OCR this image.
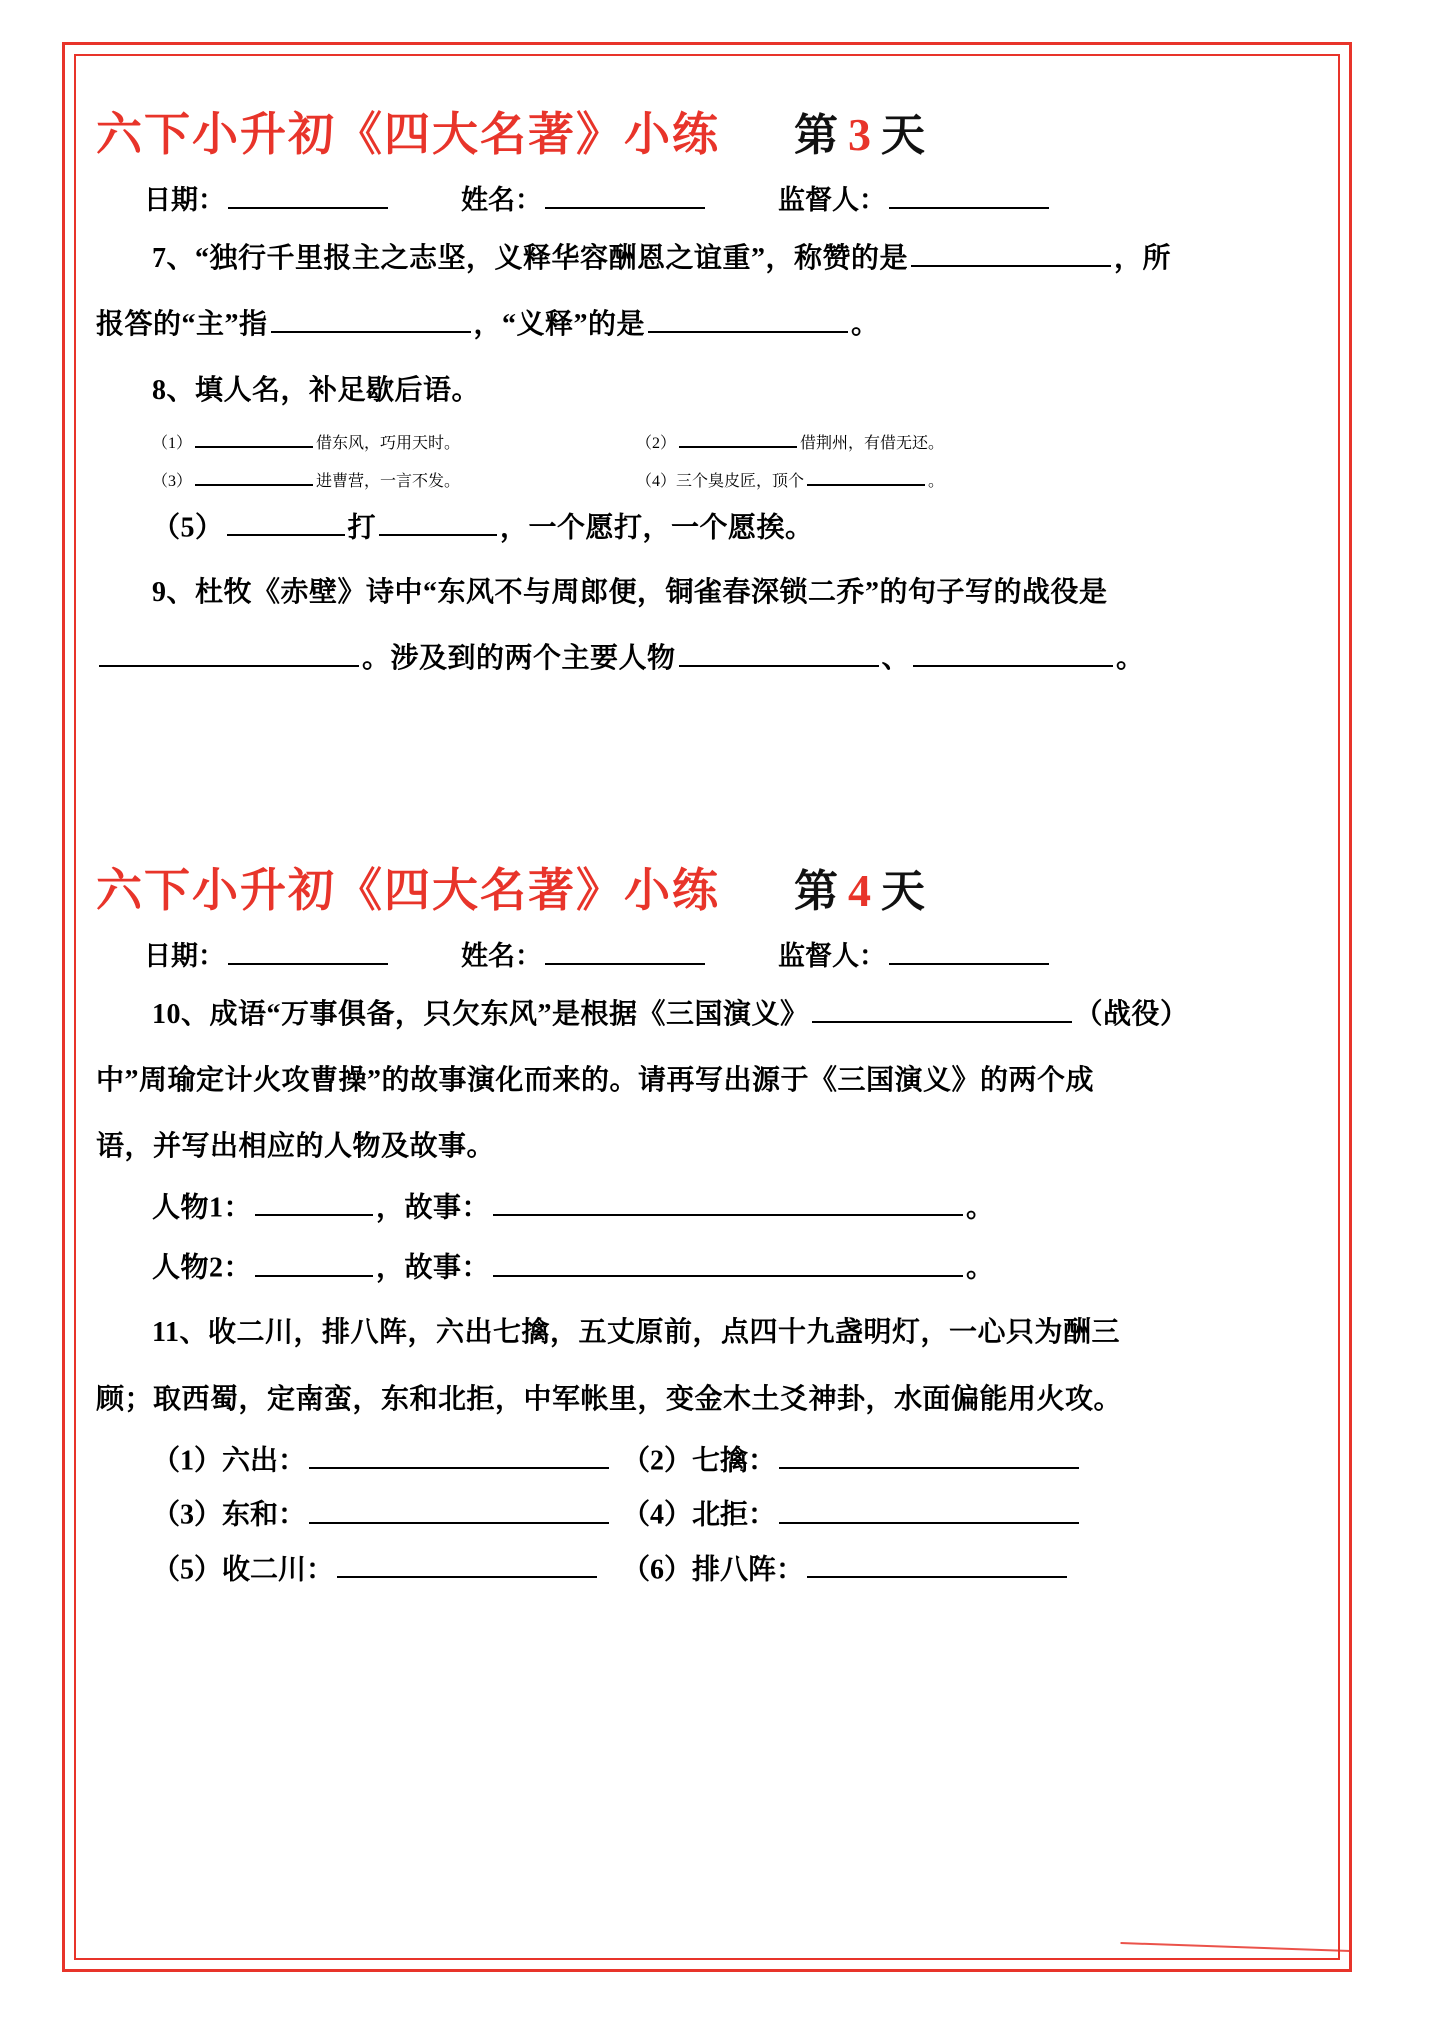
六下小升初《四大名著》小练 第 3 天
日期：	姓名：	监督人：

7、“独行千里报主之志坚，义释华容酬恩之谊重”，称赞的是	，所

报答的“主”指	，“义释”的是	。

8、填人名，补足歇后语。

（1）	借东风，巧用天时。	（2）	借荆州，有借无还。
（3）	进曹营，一言不发。	（4）三个臭皮匠，顶个	。

（5）	打	，一个愿打，一个愿挨。

9、杜牧《赤壁》诗中“东风不与周郎便，铜雀春深锁二乔”的句子写的战役是

。涉及到的两个主要人物	、	。

六下小升初《四大名著》小练 第 4 天
日期：	姓名：	监督人：

10、成语“万事俱备，只欠东风”是根据《三国演义》	（战役）

中”周瑜定计火攻曹操”的故事演化而来的。请再写出源于《三国演义》的两个成

语，并写出相应的人物及故事。

人物1：	，故事：	。

人物2：	，故事：	。

11、收二川，排八阵，六出七擒，五丈原前，点四十九盏明灯，一心只为酬三

顾；取西蜀，定南蛮，东和北拒，中军帐里，变金木土爻神卦，水面偏能用火攻。

（1）六出：	（2）七擒：
（3）东和：	（4）北拒：
（5）收二川：	（6）排八阵：
